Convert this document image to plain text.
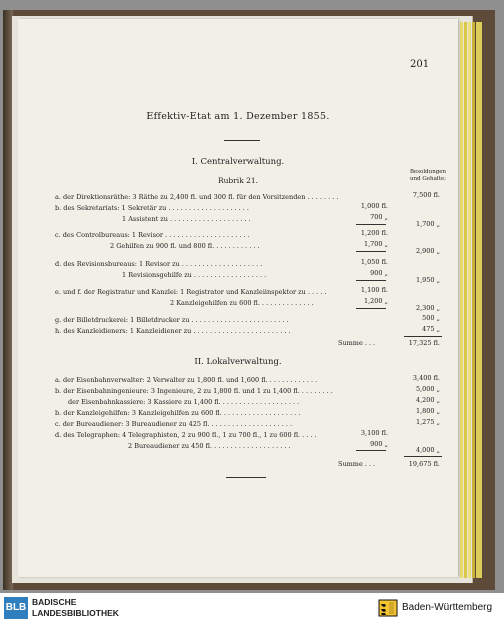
201
Effektiv-Etat am 1. Dezember 1855.
I. Centralverwaltung.
Besoldungen
und Gehalte:
Rubrik 21.
a. der Direktionsräthe: 3 Räthe zu 2,400 fl. und 300 fl. für den Vorsitzenden . . . . . . . .	7,500 fl.
b. des Sekretariats: 1 Sekretär zu . . . . . . . . . . . . . . . . . . . .	1,000 fl.
1 Assistent zu . . . . . . . . . . . . . . . . . . . .	700 „
1,700 „
c. des Controlbureaus: 1 Revisor . . . . . . . . . . . . . . . . . . . . .	1,200 fl.
2 Gehilfen zu 900 fl. und 800 fl. . . . . . . . . . . .	1,700 „
2,900 „
d. des Revisionsbureaus: 1 Revisor zu . . . . . . . . . . . . . . . . . . . .	1,050 fl.
1 Revisionsgehilfe zu . . . . . . . . . . . . . . . . . .	900 „
1,950 „
e. und f. der Registratur und Kanzlei: 1 Registrator und Kanzleiinspektor zu . . . . .	1,100 fl.
2 Kanzleigehilfen zu 600 fl. . . . . . . . . . . . . .	1,200 „
2,300 „
g. der Billetdruckerei: 1 Billetdrucker zu . . . . . . . . . . . . . . . . . . . . . . . .	500 „
h. des Kanzleidieners: 1 Kanzleidiener zu . . . . . . . . . . . . . . . . . . . . . . . .	475 „
Summe . . .	17,325 fl.
II. Lokalverwaltung.
a. der Eisenbahnverwalter: 2 Verwalter zu 1,800 fl. und 1,600 fl. . . . . . . . . . . . .	3,400 fl.
b. der Eisenbahningenieure: 3 Ingenieure, 2 zu 1,800 fl. und 1 zu 1,400 fl. . . . . . . . .	5,000 „
der Eisenbahnkassiere: 3 Kassiere zu 1,400 fl. . . . . . . . . . . . . . . . . . . .	4,200 „
b. der Kanzleigehilfen: 3 Kanzleigehilfen zu 600 fl. . . . . . . . . . . . . . . . . . . .	1,800 „
c. der Bureaudiener: 3 Bureaudiener zu 425 fl. . . . . . . . . . . . . . . . . . . . .	1,275 „
d. des Telegraphen: 4 Telegraphisten, 2 zu 900 fl., 1 zu 700 fl., 1 zu 600 fl. . . . .	3,100 fl.
2 Bureaudiener zu 450 fl. . . . . . . . . . . . . . . . . . . .	900 „
4,000 „
Summe . . .	19,675 fl.
BLB BADISCHE
LANDESBIBLIOTHEK	Baden-Württemberg
